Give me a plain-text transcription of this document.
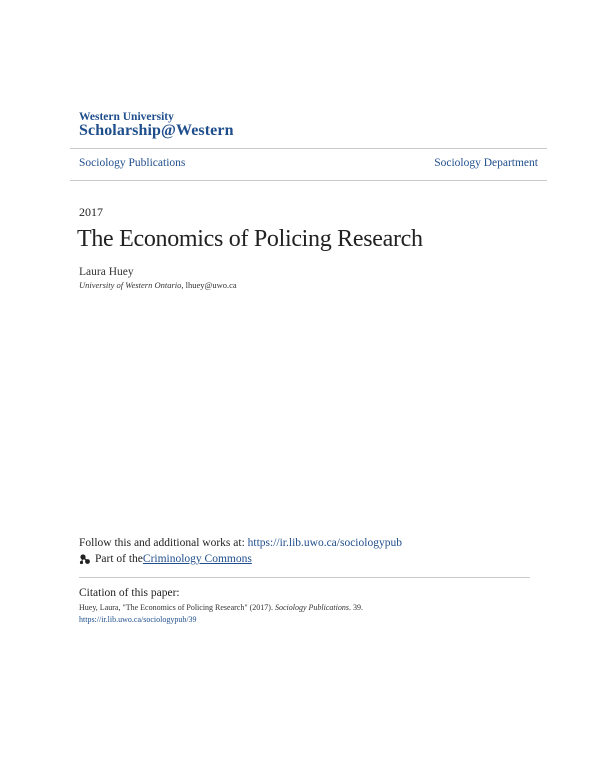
Western University
Scholarship@Western
Sociology Publications	Sociology Department
2017
The Economics of Policing Research
Laura Huey
University of Western Ontario, lhuey@uwo.ca
Follow this and additional works at: https://ir.lib.uwo.ca/sociologypub
Part of the Criminology Commons
Citation of this paper:
Huey, Laura, "The Economics of Policing Research" (2017). Sociology Publications. 39.
https://ir.lib.uwo.ca/sociologypub/39
